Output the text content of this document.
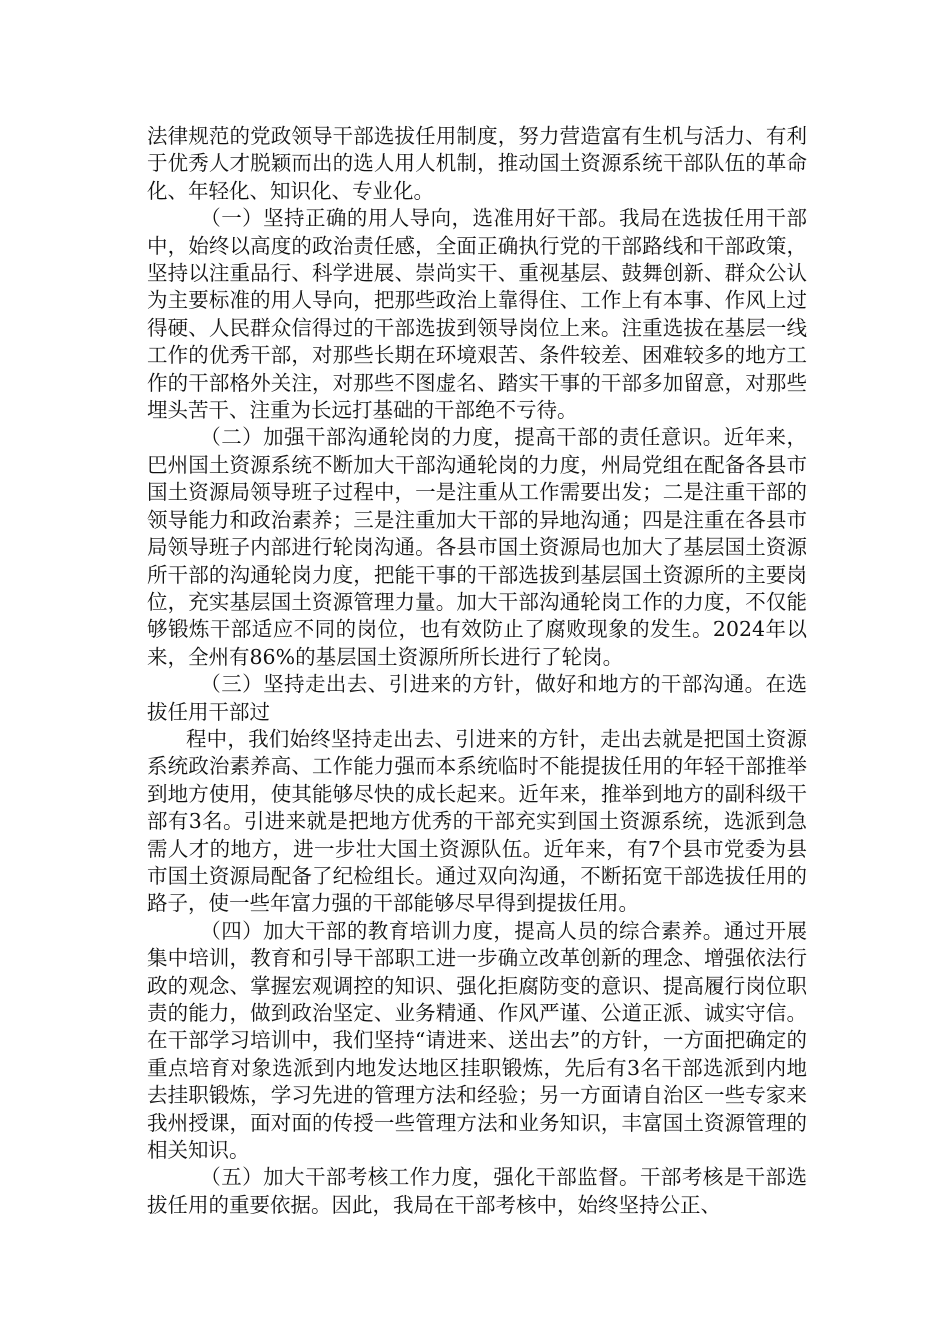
法律规范的党政领导干部选拔任用制度，努力营造富有生机与活力、有利于优秀人才脱颖而出的选人用人机制，推动国土资源系统干部队伍的革命化、年轻化、知识化、专业化。

（一）坚持正确的用人导向，选准用好干部。我局在选拔任用干部中，始终以高度的政治责任感，全面正确执行党的干部路线和干部政策，坚持以注重品行、科学进展、崇尚实干、重视基层、鼓舞创新、群众公认为主要标准的用人导向，把那些政治上靠得住、工作上有本事、作风上过得硬、人民群众信得过的干部选拔到领导岗位上来。注重选拔在基层一线工作的优秀干部，对那些长期在环境艰苦、条件较差、困难较多的地方工作的干部格外关注，对那些不图虚名、踏实干事的干部多加留意，对那些埋头苦干、注重为长远打基础的干部绝不亏待。

（二）加强干部沟通轮岗的力度，提高干部的责任意识。近年来，巴州国土资源系统不断加大干部沟通轮岗的力度，州局党组在配备各县市国土资源局领导班子过程中，一是注重从工作需要出发；二是注重干部的领导能力和政治素养；三是注重加大干部的异地沟通；四是注重在各县市局领导班子内部进行轮岗沟通。各县市国土资源局也加大了基层国土资源所干部的沟通轮岗力度，把能干事的干部选拔到基层国土资源所的主要岗位，充实基层国土资源管理力量。加大干部沟通轮岗工作的力度，不仅能够锻炼干部适应不同的岗位，也有效防止了腐败现象的发生。2024年以来，全州有86%的基层国土资源所所长进行了轮岗。

（三）坚持走出去、引进来的方针，做好和地方的干部沟通。在选拔任用干部过

程中，我们始终坚持走出去、引进来的方针，走出去就是把国土资源系统政治素养高、工作能力强而本系统临时不能提拔任用的年轻干部推举到地方使用，使其能够尽快的成长起来。近年来，推举到地方的副科级干部有3名。引进来就是把地方优秀的干部充实到国土资源系统，选派到急需人才的地方，进一步壮大国土资源队伍。近年来，有7个县市党委为县市国土资源局配备了纪检组长。通过双向沟通，不断拓宽干部选拔任用的路子，使一些年富力强的干部能够尽早得到提拔任用。

（四）加大干部的教育培训力度，提高人员的综合素养。通过开展集中培训，教育和引导干部职工进一步确立改革创新的理念、增强依法行政的观念、掌握宏观调控的知识、强化拒腐防变的意识、提高履行岗位职责的能力，做到政治坚定、业务精通、作风严谨、公道正派、诚实守信。在干部学习培训中，我们坚持“请进来、送出去”的方针，一方面把确定的重点培育对象选派到内地发达地区挂职锻炼，先后有3名干部选派到内地去挂职锻炼，学习先进的管理方法和经验；另一方面请自治区一些专家来我州授课，面对面的传授一些管理方法和业务知识，丰富国土资源管理的相关知识。

（五）加大干部考核工作力度，强化干部监督。干部考核是干部选拔任用的重要依据。因此，我局在干部考核中，始终坚持公正、
